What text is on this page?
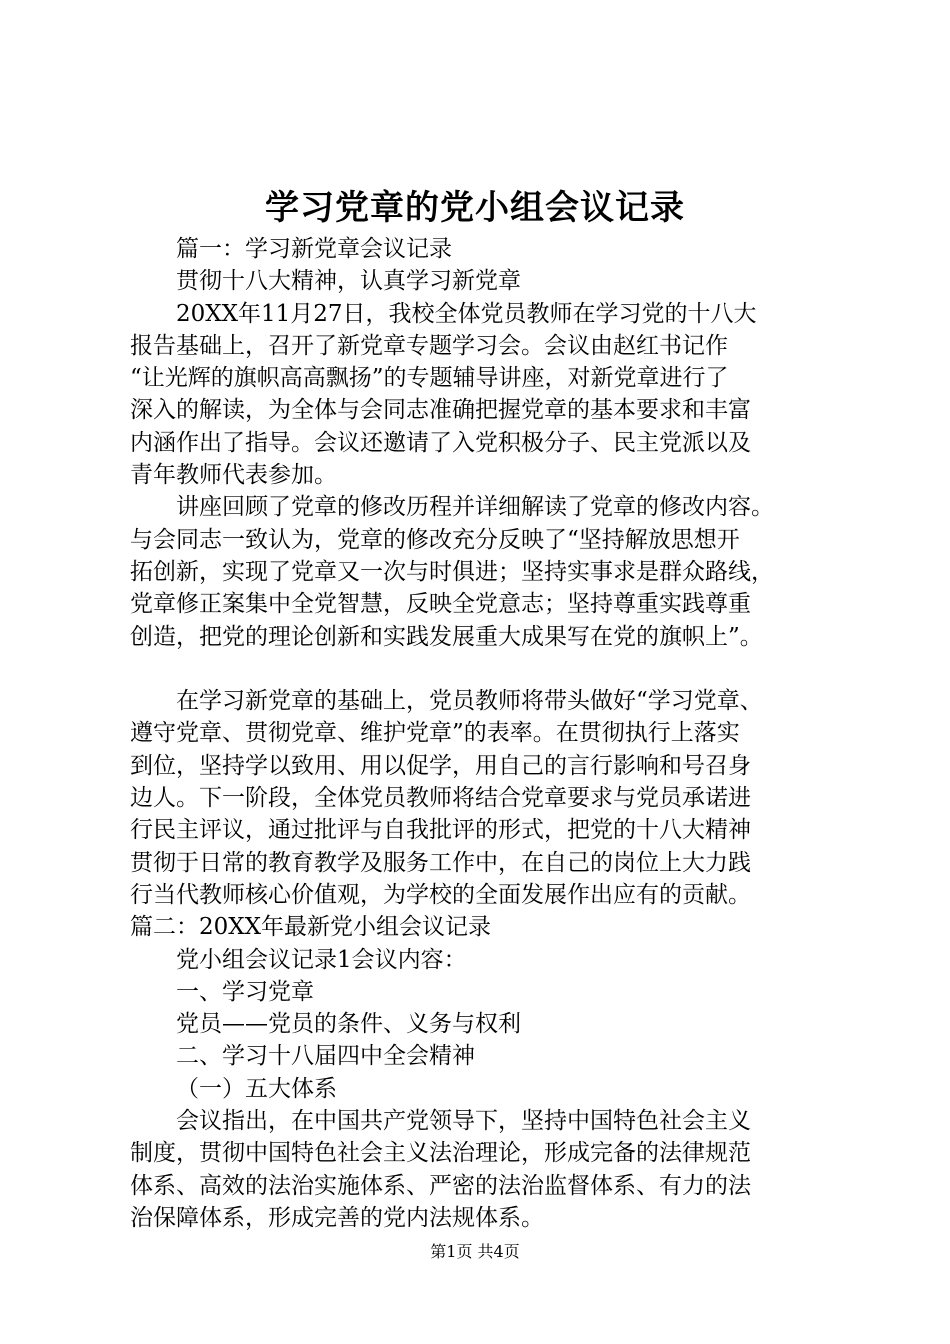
学习党章的党小组会议记录
篇一：学习新党章会议记录
贯彻十八大精神，认真学习新党章
20XX年11月27日，我校全体党员教师在学习党的十八大
报告基础上，召开了新党章专题学习会。会议由赵红书记作
“让光辉的旗帜高高飘扬”的专题辅导讲座，对新党章进行了
深入的解读，为全体与会同志准确把握党章的基本要求和丰富
内涵作出了指导。会议还邀请了入党积极分子、民主党派以及
青年教师代表参加。
讲座回顾了党章的修改历程并详细解读了党章的修改内容。
与会同志一致认为，党章的修改充分反映了“坚持解放思想开
拓创新，实现了党章又一次与时俱进；坚持实事求是群众路线，
党章修正案集中全党智慧，反映全党意志；坚持尊重实践尊重
创造，把党的理论创新和实践发展重大成果写在党的旗帜上”。
在学习新党章的基础上，党员教师将带头做好“学习党章、
遵守党章、贯彻党章、维护党章”的表率。在贯彻执行上落实
到位，坚持学以致用、用以促学，用自己的言行影响和号召身
边人。下一阶段，全体党员教师将结合党章要求与党员承诺进
行民主评议，通过批评与自我批评的形式，把党的十八大精神
贯彻于日常的教育教学及服务工作中，在自己的岗位上大力践
行当代教师核心价值观，为学校的全面发展作出应有的贡献。
篇二：20XX年最新党小组会议记录
党小组会议记录1会议内容：
一、学习党章
党员——党员的条件、义务与权利
二、学习十八届四中全会精神
（一）五大体系
会议指出，在中国共产党领导下，坚持中国特色社会主义
制度，贯彻中国特色社会主义法治理论，形成完备的法律规范
体系、高效的法治实施体系、严密的法治监督体系、有力的法
治保障体系，形成完善的党内法规体系。
第1页 共4页
